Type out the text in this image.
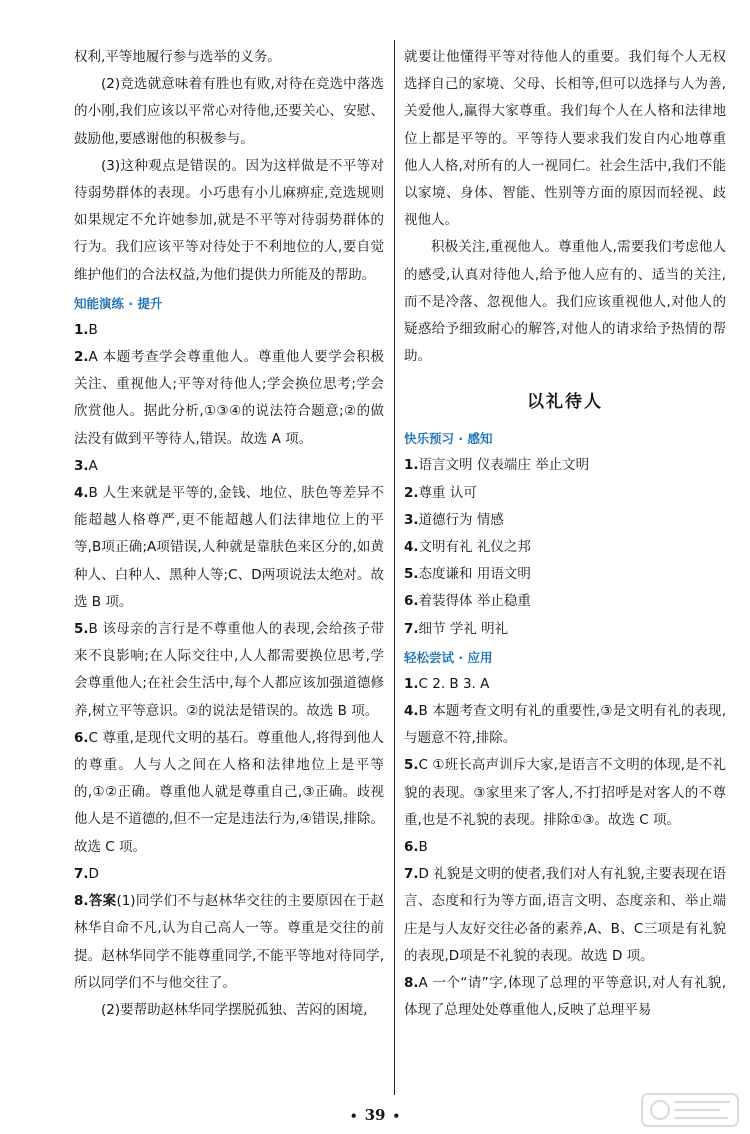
权利,平等地履行参与选举的义务。

(2)竞选就意味着有胜也有败,对待在竞选中落选的小刚,我们应该以平常心对待他,还要关心、安慰、鼓励他,要感谢他的积极参与。

(3)这种观点是错误的。因为这样做是不平等对待弱势群体的表现。小巧患有小儿麻痹症,竞选规则如果规定不允许她参加,就是不平等对待弱势群体的行为。我们应该平等对待处于不利地位的人,要自觉维护他们的合法权益,为他们提供力所能及的帮助。

知能演练 · 提升

1.B

2.A 本题考查学会尊重他人。尊重他人要学会积极关注、重视他人;平等对待他人;学会换位思考;学会欣赏他人。据此分析,①③④的说法符合题意;②的做法没有做到平等待人,错误。故选 A 项。

3.A

4.B 人生来就是平等的,金钱、地位、肤色等差异不能超越人格尊严,更不能超越人们法律地位上的平等,B项正确;A项错误,人种就是靠肤色来区分的,如黄种人、白种人、黑种人等;C、D两项说法太绝对。故选 B 项。

5.B 该母亲的言行是不尊重他人的表现,会给孩子带来不良影响;在人际交往中,人人都需要换位思考,学会尊重他人;在社会生活中,每个人都应该加强道德修养,树立平等意识。②的说法是错误的。故选 B 项。

6.C 尊重,是现代文明的基石。尊重他人,将得到他人的尊重。人与人之间在人格和法律地位上是平等的,①②正确。尊重他人就是尊重自己,③正确。歧视他人是不道德的,但不一定是违法行为,④错误,排除。故选 C 项。

7.D

8.答案(1)同学们不与赵林华交往的主要原因在于赵林华自命不凡,认为自己高人一等。尊重是交往的前提。赵林华同学不能尊重同学,不能平等地对待同学,所以同学们不与他交往了。

(2)要帮助赵林华同学摆脱孤独、苦闷的困境,

就要让他懂得平等对待他人的重要。我们每个人无权选择自己的家境、父母、长相等,但可以选择与人为善,关爱他人,赢得大家尊重。我们每个人在人格和法律地位上都是平等的。平等待人要求我们发自内心地尊重他人人格,对所有的人一视同仁。社会生活中,我们不能以家境、身体、智能、性别等方面的原因而轻视、歧视他人。

积极关注,重视他人。尊重他人,需要我们考虑他人的感受,认真对待他人,给予他人应有的、适当的关注,而不是冷落、忽视他人。我们应该重视他人,对他人的疑惑给予细致耐心的解答,对他人的请求给予热情的帮助。

以礼待人
快乐预习 · 感知

1.语言文明 仪表端庄 举止文明

2.尊重 认可

3.道德行为 情感

4.文明有礼 礼仪之邦

5.态度谦和 用语文明

6.着装得体 举止稳重

7.细节 学礼 明礼

轻松尝试 · 应用

1.C 2. B 3. A

4.B 本题考查文明有礼的重要性,③是文明有礼的表现,与题意不符,排除。

5.C ①班长高声训斥大家,是语言不文明的体现,是不礼貌的表现。③家里来了客人,不打招呼是对客人的不尊重,也是不礼貌的表现。排除①③。故选 C 项。

6.B

7.D 礼貌是文明的使者,我们对人有礼貌,主要表现在语言、态度和行为等方面,语言文明、态度亲和、举止端庄是与人友好交往必备的素养,A、B、C三项是有礼貌的表现,D项是不礼貌的表现。故选 D 项。

8.A 一个“请”字,体现了总理的平等意识,对人有礼貌,体现了总理处处尊重他人,反映了总理平易

• 39 •
